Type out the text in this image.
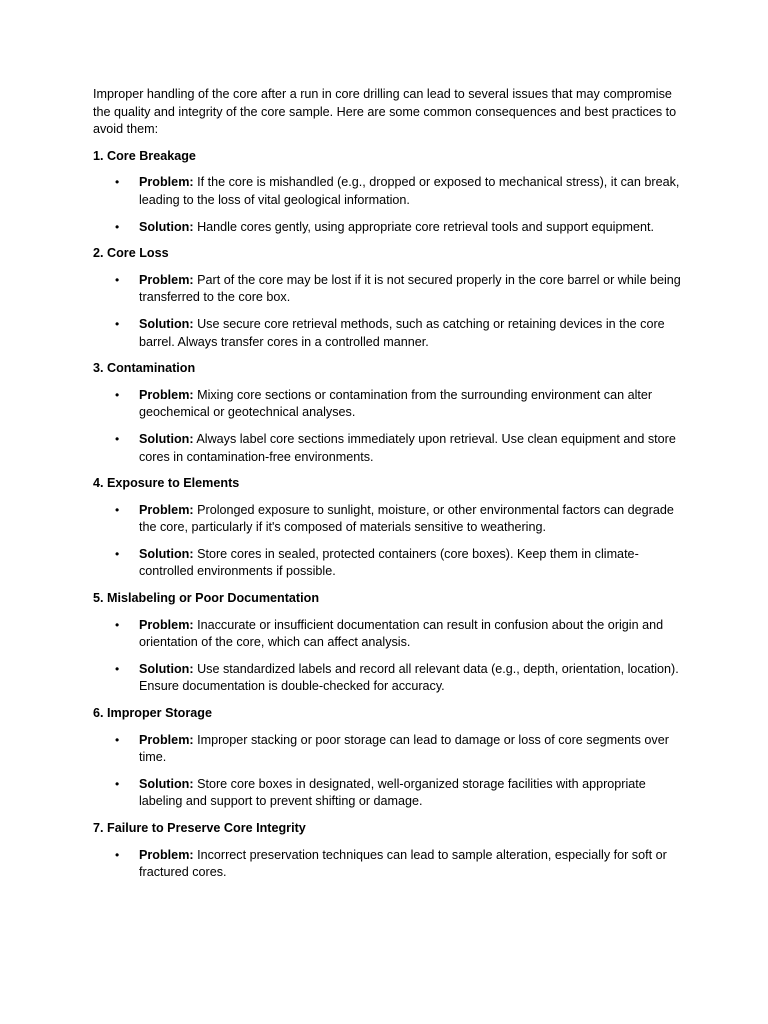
Improper handling of the core after a run in core drilling can lead to several issues that may compromise the quality and integrity of the core sample. Here are some common consequences and best practices to avoid them:

1. Core Breakage
• Problem: If the core is mishandled (e.g., dropped or exposed to mechanical stress), it can break, leading to the loss of vital geological information.
• Solution: Handle cores gently, using appropriate core retrieval tools and support equipment.
2. Core Loss
• Problem: Part of the core may be lost if it is not secured properly in the core barrel or while being transferred to the core box.
• Solution: Use secure core retrieval methods, such as catching or retaining devices in the core barrel. Always transfer cores in a controlled manner.
3. Contamination
• Problem: Mixing core sections or contamination from the surrounding environment can alter geochemical or geotechnical analyses.
• Solution: Always label core sections immediately upon retrieval. Use clean equipment and store cores in contamination-free environments.
4. Exposure to Elements
• Problem: Prolonged exposure to sunlight, moisture, or other environmental factors can degrade the core, particularly if it's composed of materials sensitive to weathering.
• Solution: Store cores in sealed, protected containers (core boxes). Keep them in climate-controlled environments if possible.
5. Mislabeling or Poor Documentation
• Problem: Inaccurate or insufficient documentation can result in confusion about the origin and orientation of the core, which can affect analysis.
• Solution: Use standardized labels and record all relevant data (e.g., depth, orientation, location). Ensure documentation is double-checked for accuracy.
6. Improper Storage
• Problem: Improper stacking or poor storage can lead to damage or loss of core segments over time.
• Solution: Store core boxes in designated, well-organized storage facilities with appropriate labeling and support to prevent shifting or damage.
7. Failure to Preserve Core Integrity
• Problem: Incorrect preservation techniques can lead to sample alteration, especially for soft or fractured cores.
